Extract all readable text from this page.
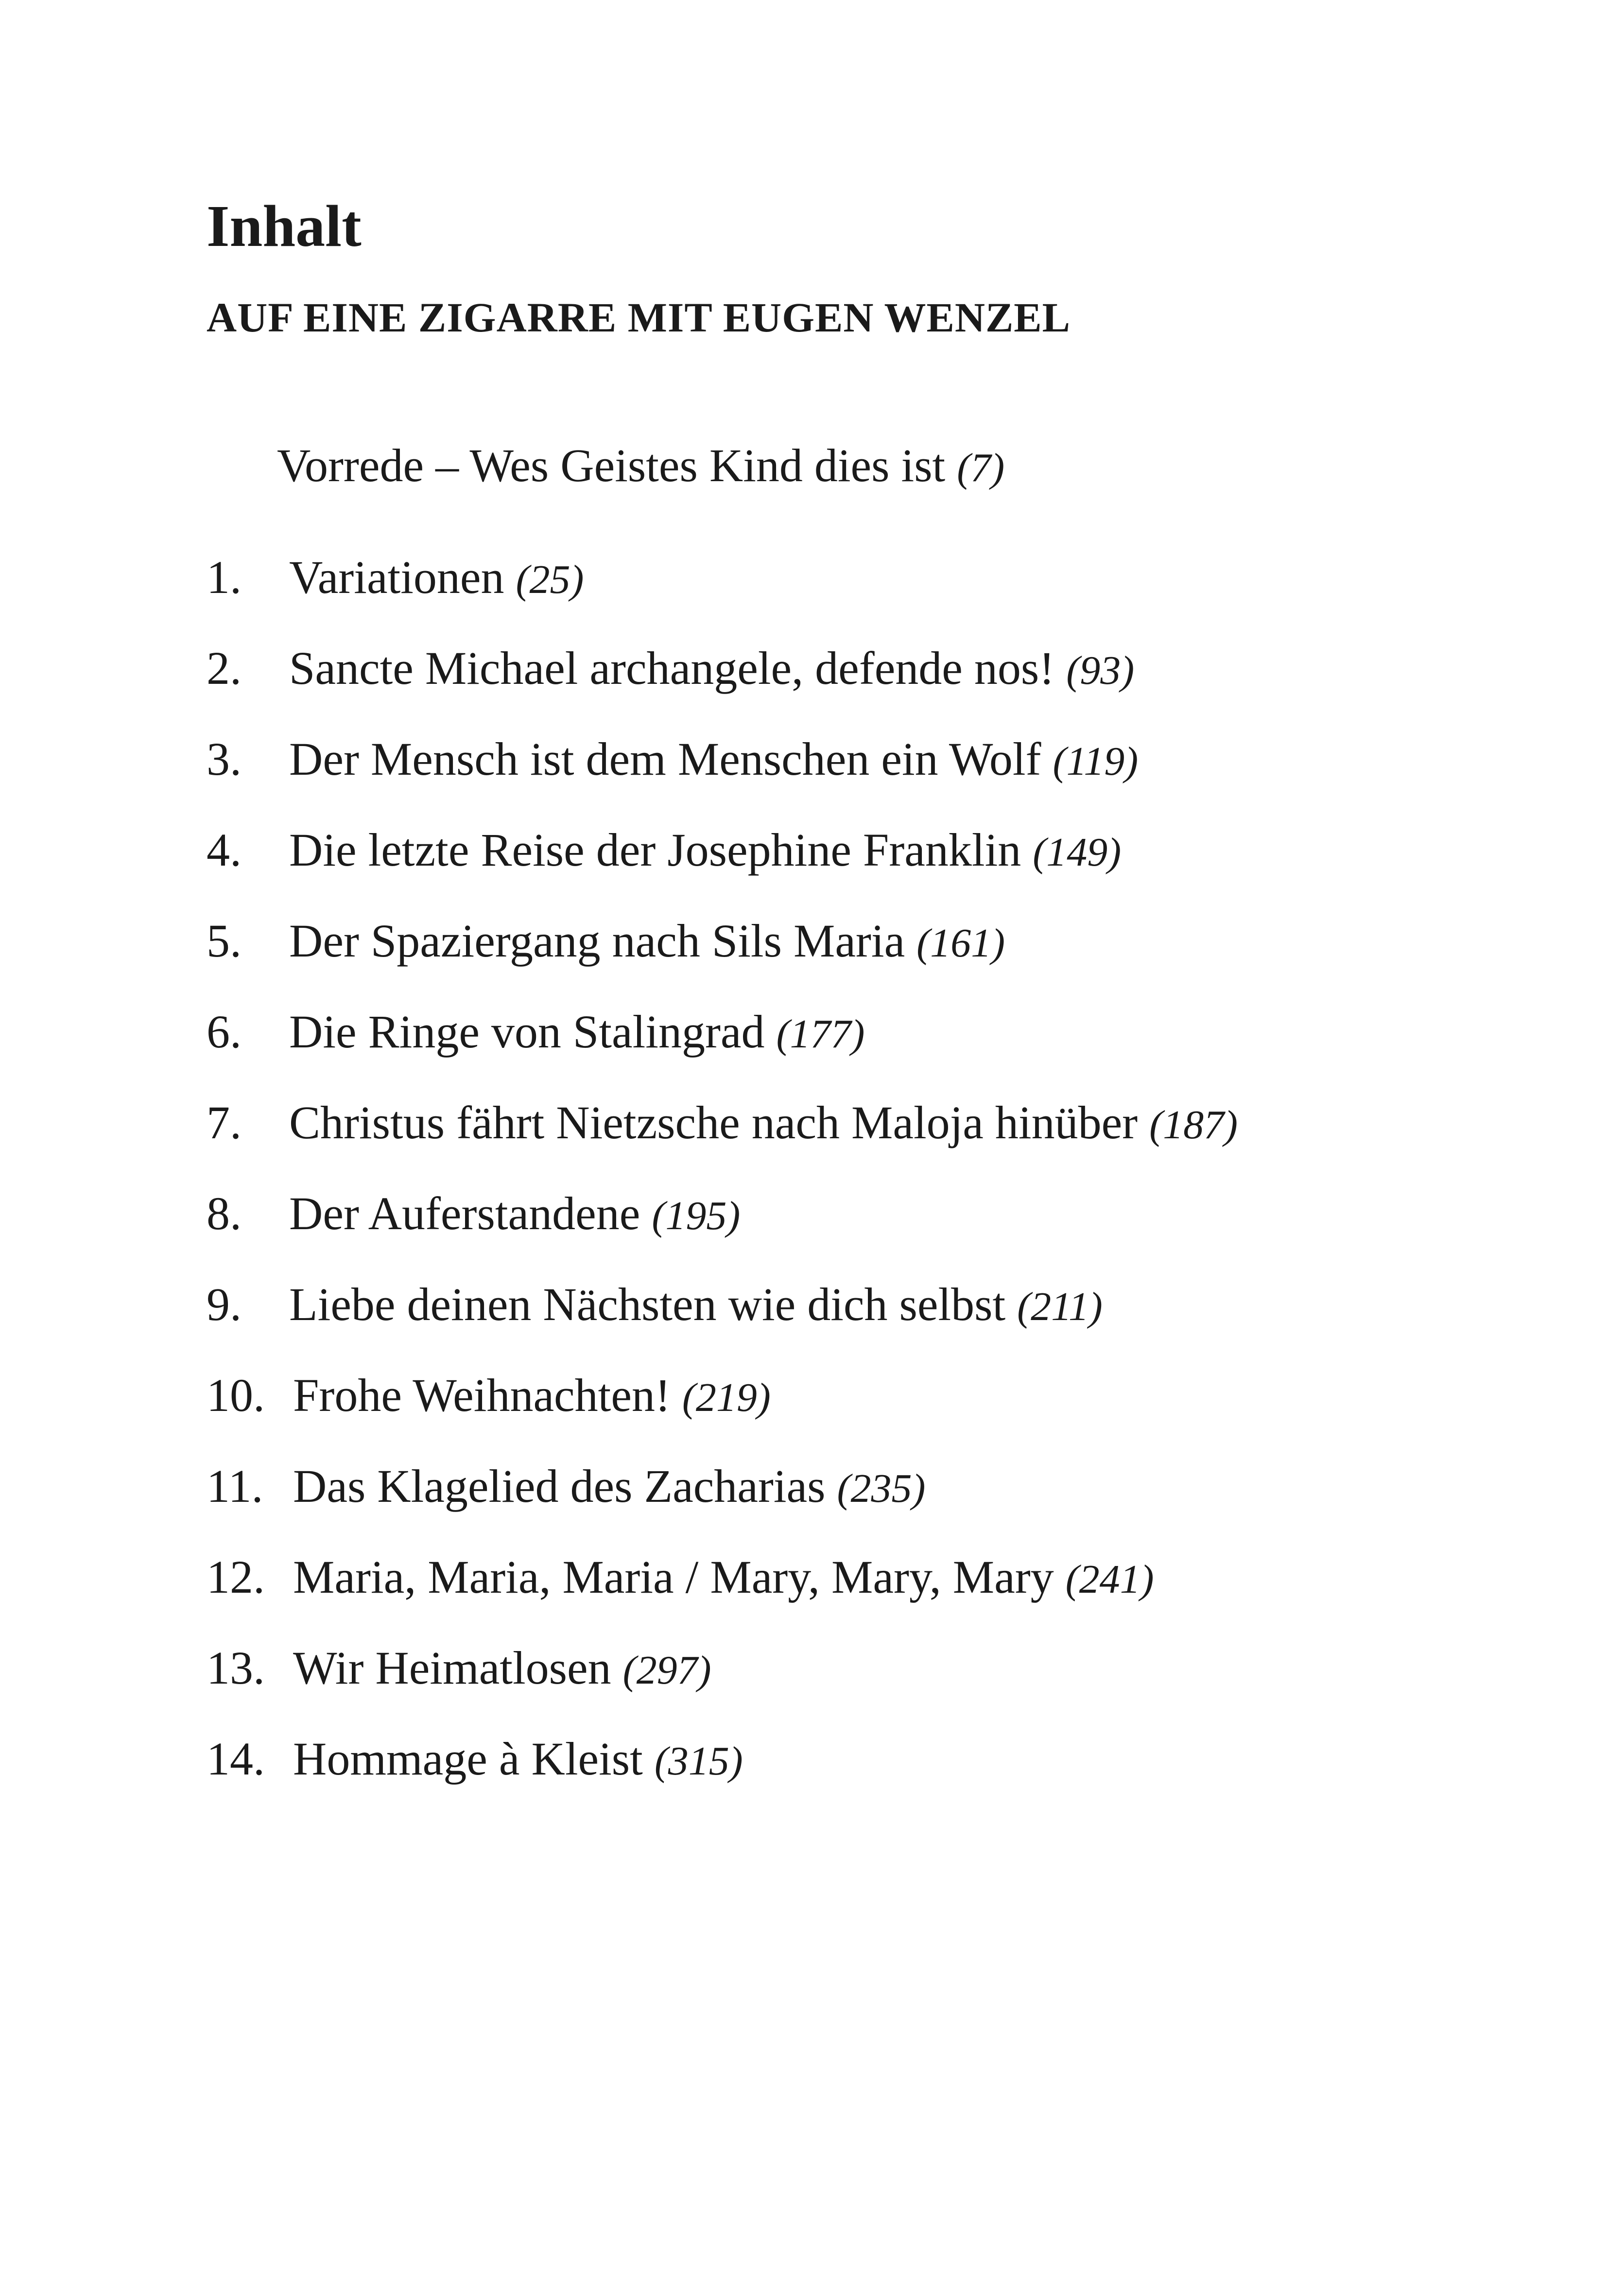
Inhalt
AUF EINE ZIGARRE MIT EUGEN WENZEL
Vorrede – Wes Geistes Kind dies ist (7)
1. Variationen (25)
2. Sancte Michael archangele, defende nos! (93)
3. Der Mensch ist dem Menschen ein Wolf (119)
4. Die letzte Reise der Josephine Franklin (149)
5. Der Spaziergang nach Sils Maria (161)
6. Die Ringe von Stalingrad (177)
7. Christus fährt Nietzsche nach Maloja hinüber (187)
8. Der Auferstandene (195)
9. Liebe deinen Nächsten wie dich selbst (211)
10. Frohe Weihnachten! (219)
11. Das Klagelied des Zacharias (235)
12. Maria, Maria, Maria / Mary, Mary, Mary (241)
13. Wir Heimatlosen (297)
14. Hommage à Kleist (315)
